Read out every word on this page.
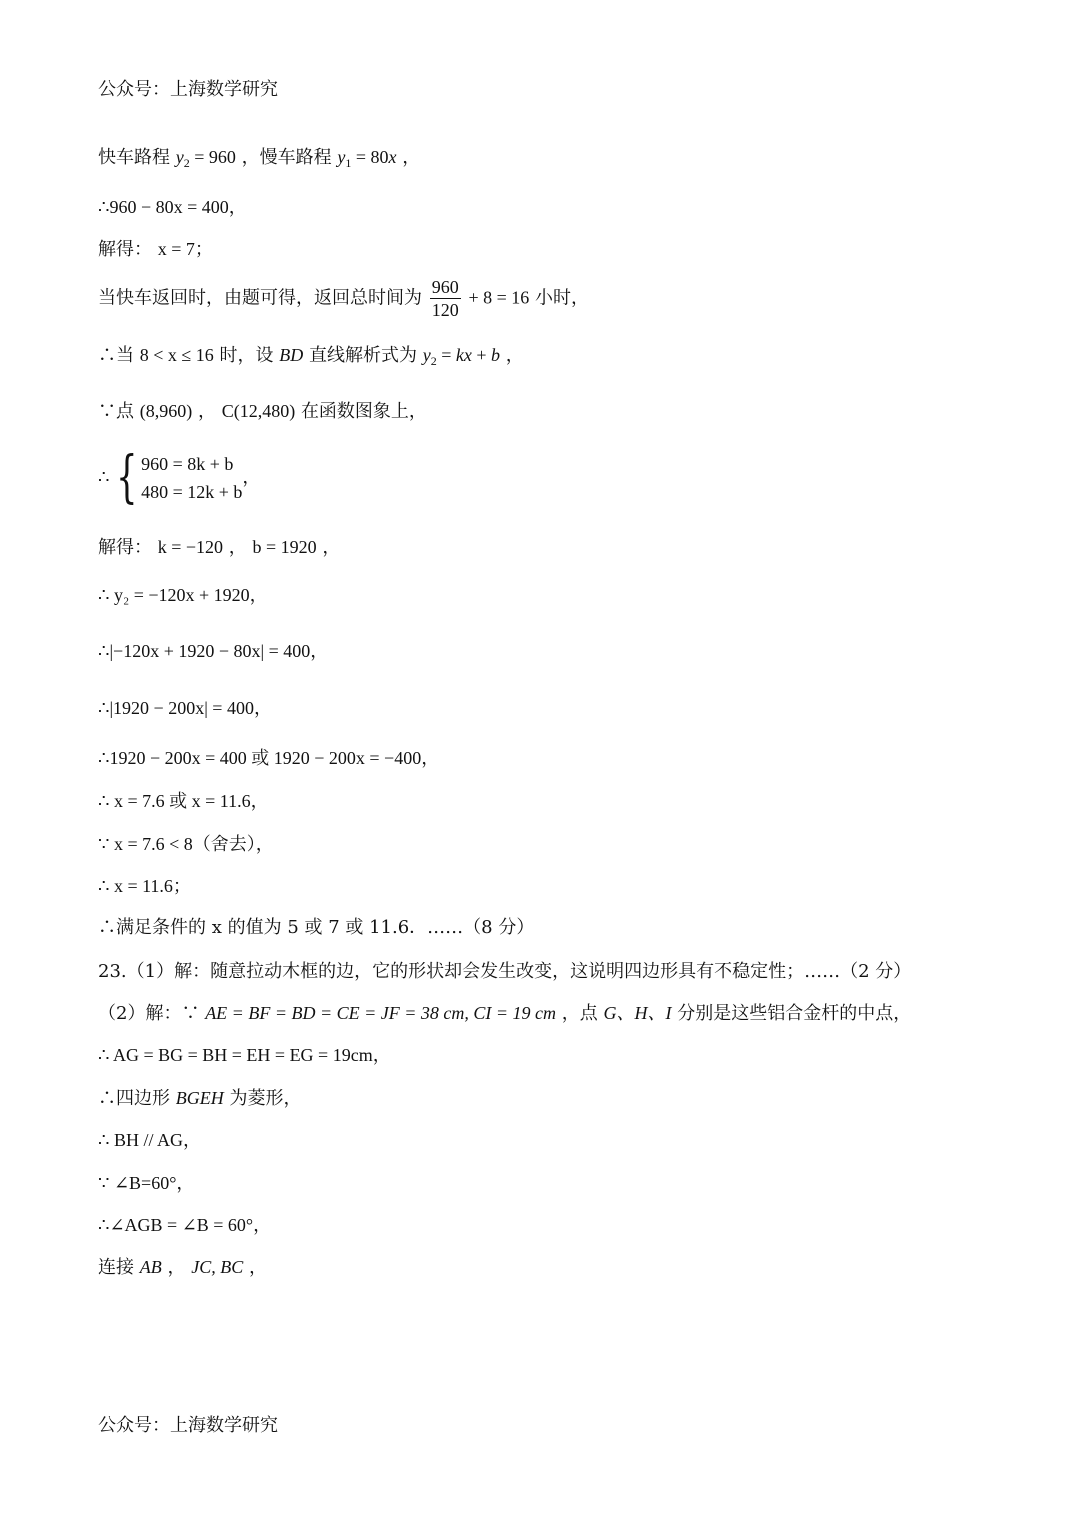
公众号：上海数学研究
快车路程 $y_2 = 960$ ，慢车路程 $y_1 = 80x$ ，
∴960 − 80x = 400，
解得： x = 7；
当快车返回时，由题可得，返回总时间为 $\frac{960}{120} + 8 = 16$ 小时，
∴当 8 < x ≤ 16 时，设 BD 直线解析式为 $y_2$ = kx + b ，
∵点 (8,960) ， C(12,480) 在函数图象上，
∴ { 960 = 8k + b
480 = 12k + b
，
解得： k = −120 ， b = 1920 ，
∴ y₂ = −120x + 1920，
∴|−120x + 1920 − 80x| = 400，
∴|1920 − 200x| = 400，
∴1920 − 200x = 400 或 1920 − 200x = −400，
∴ x = 7.6 或 x = 11.6，
∵ x = 7.6 < 8（舍去），
∴ x = 11.6；
∴满足条件的 x 的值为 5 或 7 或 11.6．……（8 分）
23.（1）解：随意拉动木框的边，它的形状却会发生改变，这说明四边形具有不稳定性；……（2 分）
（2）解：∵ AE = BF = BD = CE = JF = 38 cm, CI = 19 cm ，点 G、H、I 分别是这些铝合金杆的中点，
∴ AG = BG = BH = EH = EG = 19cm，
∴四边形 BGEH 为菱形，
∴ BH // AG，
∵ ∠B=60°，
∴∠AGB = ∠B = 60°，
连接 AB ， JC, BC ，
公众号：上海数学研究
